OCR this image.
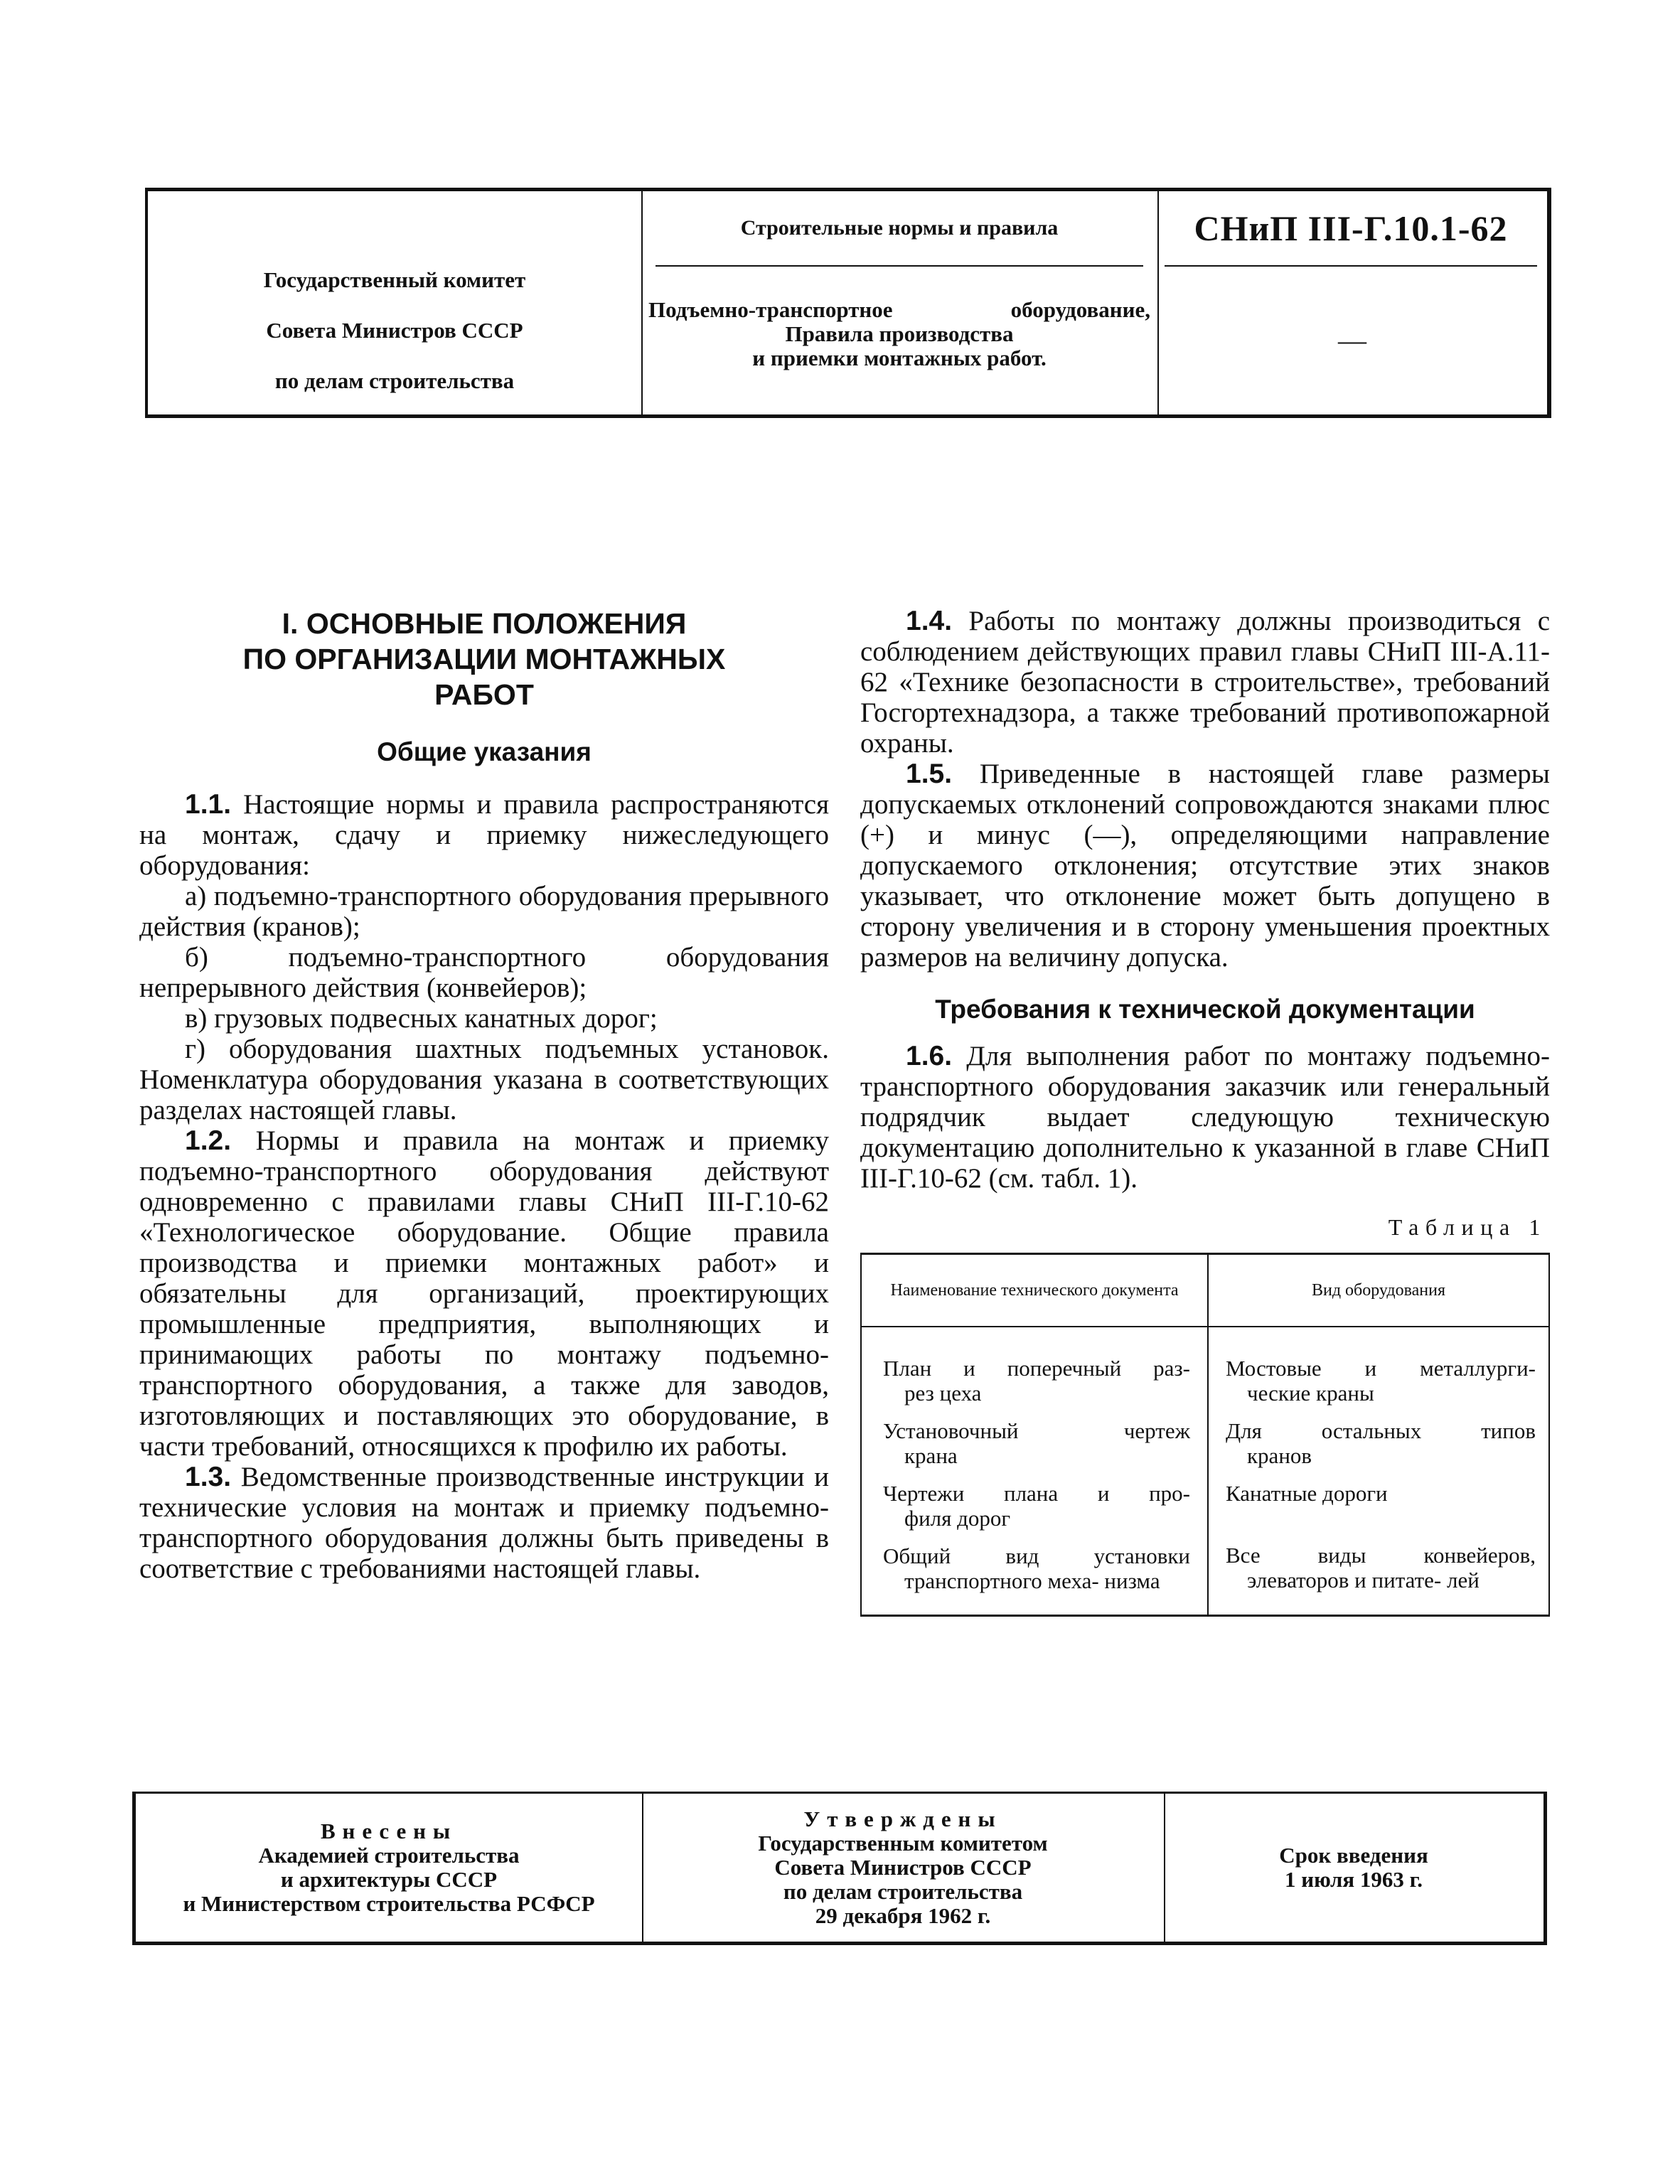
Государственный комитет
Совета Министров СССР
по делам строительства
Строительные нормы и правила
Подъемно-транспортное	оборудование,
Правила производства
и приемки монтажных работ.
СНиП III-Г.10.1-62
—
I. ОСНОВНЫЕ ПОЛОЖЕНИЯ
ПО ОРГАНИЗАЦИИ МОНТАЖНЫХ
РАБОТ
Общие указания

1.1. Настоящие нормы и правила распространяются на монтаж, сдачу и приемку нижеследующего оборудования:

а) подъемно-транспортного оборудования прерывного действия (кранов);

б) подъемно-транспортного оборудования непрерывного действия (конвейеров);

в) грузовых подвесных канатных дорог;

г) оборудования шахтных подъемных установок. Номенклатура оборудования указана в соответствующих разделах настоящей главы.

1.2. Нормы и правила на монтаж и приемку подъемно-транспортного оборудования действуют одновременно с правилами главы СНиП III-Г.10-62 «Технологическое оборудование. Общие правила производства и приемки монтажных работ» и обязательны для организаций, проектирующих промышленные предприятия, выполняющих и принимающих работы по монтажу подъемно-транспортного оборудования, а также для заводов, изготовляющих и поставляющих это оборудование, в части требований, относящихся к профилю их работы.

1.3. Ведомственные производственные инструкции и технические условия на монтаж и приемку подъемно-транспортного оборудования должны быть приведены в соответствие с требованиями настоящей главы.

1.4. Работы по монтажу должны производиться с соблюдением действующих правил главы СНиП III-А.11-62 «Технике безопасности в строительстве», требований Госгортехнадзора, а также требований противопожарной охраны.

1.5. Приведенные в настоящей главе размеры допускаемых отклонений сопровождаются знаками плюс (+) и минус (—), определяющими направление допускаемого отклонения; отсутствие этих знаков указывает, что отклонение может быть допущено в сторону увеличения и в сторону уменьшения проектных размеров на величину допуска.

Требования к технической документации

1.6. Для выполнения работ по монтажу подъемно-транспортного оборудования заказчик или генеральный подрядчик выдает следующую техническую документацию дополнительно к указанной в главе СНиП III-Г.10-62 (см. табл. 1).

Таблица 1
Наименование технического документа	Вид оборудования
План и поперечный раз-
рез цеха
Установочный чертеж
крана
Чертежи плана и про-
филя дорог
Общий вид установки
транспортного меха- низма
Мостовые и металлурги-
ческие краны
Для остальных типов
кранов
Канатные дороги
Все виды конвейеров,
элеваторов и питате- лей
Внесены
Академией строительства
и архитектуры СССР
и Министерством строительства РСФСР
Утверждены
Государственным комитетом
Совета Министров СССР
по делам строительства
29 декабря 1962 г.
Срок введения
1 июля 1963 г.
